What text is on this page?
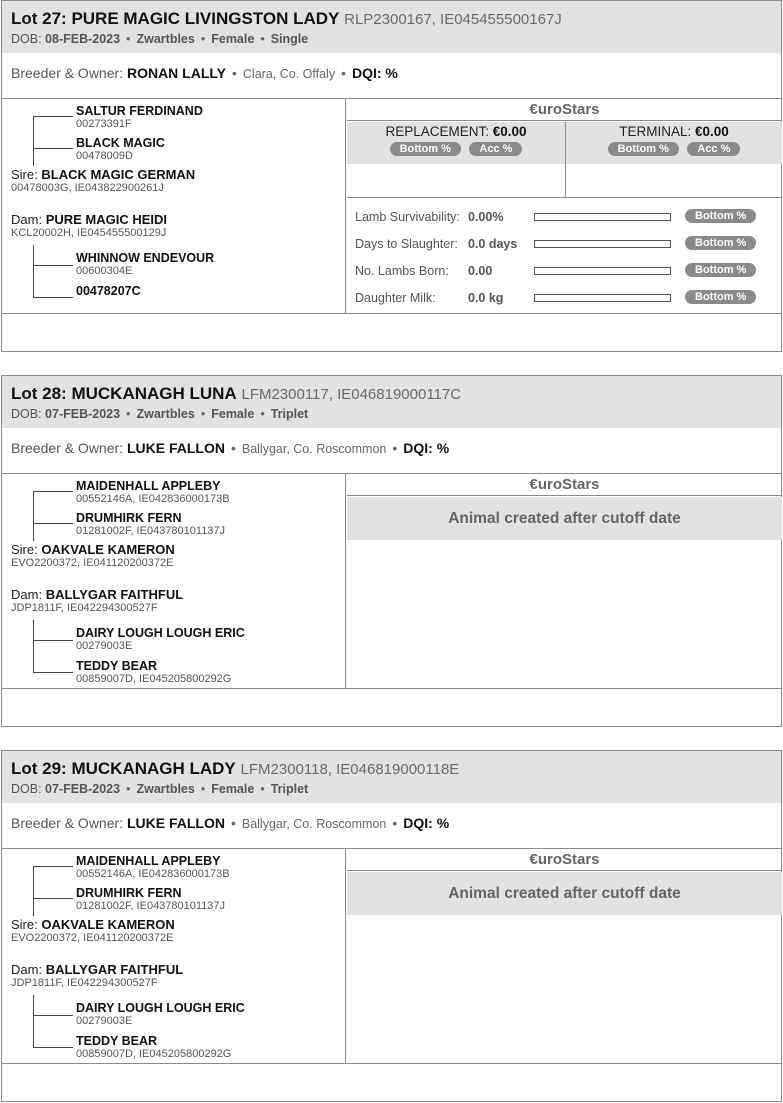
Lot 27: PURE MAGIC LIVINGSTON LADY RLP2300167, IE045455500167J
DOB: 08-FEB-2023 • Zwartbles • Female • Single
Breeder & Owner: RONAN LALLY • Clara, Co. Offaly • DQI: %
SALTUR FERDINAND
00273391F
BLACK MAGIC
00478009D
Sire: BLACK MAGIC GERMAN
00478003G, IE043822900261J
Dam: PURE MAGIC HEIDI
KCL20002H, IE045455500129J
WHINNOW ENDEVOUR
00600304E
00478207C
€uroStars
REPLACEMENT: €0.00
Bottom %	Acc %
TERMINAL: €0.00
Bottom %	Acc %
Lamb Survivability: 0.00%	Bottom %
Days to Slaughter: 0.0 days	Bottom %
No. Lambs Born: 0.00	Bottom %
Daughter Milk:	0.0 kg	Bottom %
Lot 28: MUCKANAGH LUNA LFM2300117, IE046819000117C
DOB: 07-FEB-2023 • Zwartbles • Female • Triplet
Breeder & Owner: LUKE FALLON • Ballygar, Co. Roscommon • DQI: %
MAIDENHALL APPLEBY
00552146A, IE042836000173B
DRUMHIRK FERN
01281002F, IE043780101137J
Sire: OAKVALE KAMERON
EVO2200372, IE041120200372E
Dam: BALLYGAR FAITHFUL
JDP1811F, IE042294300527F
DAIRY LOUGH LOUGH ERIC
00279003E
TEDDY BEAR
00859007D, IE045205800292G
€uroStars
Animal created after cutoff date
Lot 29: MUCKANAGH LADY LFM2300118, IE046819000118E
DOB: 07-FEB-2023 • Zwartbles • Female • Triplet
Breeder & Owner: LUKE FALLON • Ballygar, Co. Roscommon • DQI: %
MAIDENHALL APPLEBY
00552146A, IE042836000173B
DRUMHIRK FERN
01281002F, IE043780101137J
Sire: OAKVALE KAMERON
EVO2200372, IE041120200372E
Dam: BALLYGAR FAITHFUL
JDP1811F, IE042294300527F
DAIRY LOUGH LOUGH ERIC
00279003E
TEDDY BEAR
00859007D, IE045205800292G
€uroStars
Animal created after cutoff date
